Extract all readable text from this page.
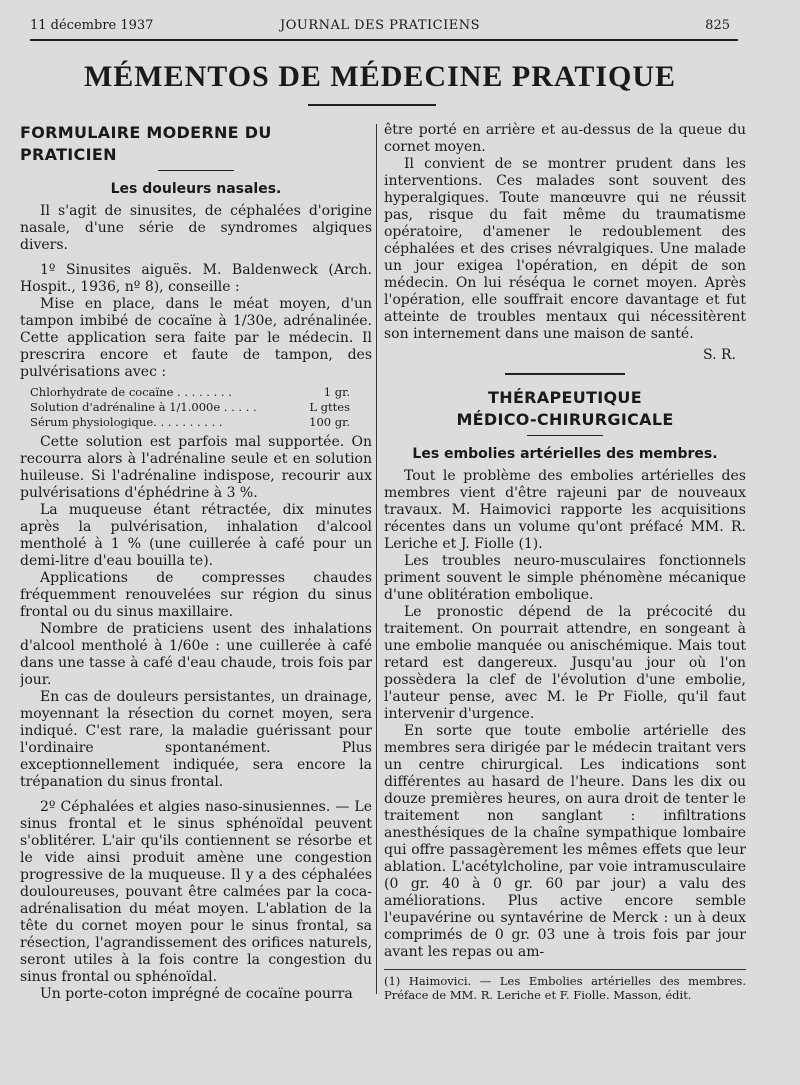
11 décembre 1937	JOURNAL DES PRATICIENS	825
MÉMENTOS DE MÉDECINE PRATIQUE
FORMULAIRE MODERNE DU PRATICIEN
Les douleurs nasales.

Il s'agit de sinusites, de céphalées d'origine nasale, d'une série de syndromes algiques divers.

1º Sinusites aiguës. M. Baldenweck (Arch. Hospit., 1936, nº 8), conseille :

Mise en place, dans le méat moyen, d'un tampon imbibé de cocaïne à 1/30e, adrénalinée. Cette application sera faite par le médecin. Il prescrira encore et faute de tampon, des pulvérisations avec :

Chlorhydrate de cocaïne . . . . . . . .	1 gr.
Solution d'adrénaline à 1/1.000e . . . . .	L gttes
Sérum physiologique. . . . . . . . . .	100 gr.

Cette solution est parfois mal supportée. On recourra alors à l'adrénaline seule et en solution huileuse. Si l'adrénaline indispose, recourir aux pulvérisations d'éphédrine à 3 %.

La muqueuse étant rétractée, dix minutes après la pulvérisation, inhalation d'alcool mentholé à 1 % (une cuillerée à café pour un demi-litre d'eau bouilla te).

Applications de compresses chaudes fréquemment renouvelées sur région du sinus frontal ou du sinus maxillaire.

Nombre de praticiens usent des inhalations d'alcool mentholé à 1/60e : une cuillerée à café dans une tasse à café d'eau chaude, trois fois par jour.

En cas de douleurs persistantes, un drainage, moyennant la résection du cornet moyen, sera indiqué. C'est rare, la maladie guérissant pour l'ordinaire spontanément. Plus exceptionnellement indiquée, sera encore la trépanation du sinus frontal.

2º Céphalées et algies naso-sinusiennes. — Le sinus frontal et le sinus sphénoïdal peuvent s'oblitérer. L'air qu'ils contiennent se résorbe et le vide ainsi produit amène une congestion progressive de la muqueuse. Il y a des céphalées douloureuses, pouvant être calmées par la coca-adrénalisation du méat moyen. L'ablation de la tête du cornet moyen pour le sinus frontal, sa résection, l'agrandissement des orifices naturels, seront utiles à la fois contre la congestion du sinus frontal ou sphénoïdal.

Un porte-coton imprégné de cocaïne pourra

être porté en arrière et au-dessus de la queue du cornet moyen.

Il convient de se montrer prudent dans les interventions. Ces malades sont souvent des hyperalgiques. Toute manœuvre qui ne réussit pas, risque du fait même du traumatisme opératoire, d'amener le redoublement des céphalées et des crises névralgiques. Une malade un jour exigea l'opération, en dépit de son médecin. On lui réséqua le cornet moyen. Après l'opération, elle souffrait encore davantage et fut atteinte de troubles mentaux qui nécessitèrent son internement dans une maison de santé.

S. R.
THÉRAPEUTIQUE
MÉDICO-CHIRURGICALE
Les embolies artérielles des membres.

Tout le problème des embolies artérielles des membres vient d'être rajeuni par de nouveaux travaux. M. Haimovici rapporte les acquisitions récentes dans un volume qu'ont préfacé MM. R. Leriche et J. Fiolle (1).

Les troubles neuro-musculaires fonctionnels priment souvent le simple phénomène mécanique d'une oblitération embolique.

Le pronostic dépend de la précocité du traitement. On pourrait attendre, en songeant à une embolie manquée ou anischémique. Mais tout retard est dangereux. Jusqu'au jour où l'on possèdera la clef de l'évolution d'une embolie, l'auteur pense, avec M. le Pr Fiolle, qu'il faut intervenir d'urgence.

En sorte que toute embolie artérielle des membres sera dirigée par le médecin traitant vers un centre chirurgical. Les indications sont différentes au hasard de l'heure. Dans les dix ou douze premières heures, on aura droit de tenter le traitement non sanglant : infiltrations anesthésiques de la chaîne sympathique lombaire qui offre passagèrement les mêmes effets que leur ablation. L'acétylcholine, par voie intramusculaire (0 gr. 40 à 0 gr. 60 par jour) a valu des améliorations. Plus active encore semble l'eupavérine ou syntavérine de Merck : un à deux comprimés de 0 gr. 03 une à trois fois par jour avant les repas ou am-

(1) Haimovici. — Les Embolies artérielles des membres. Préface de MM. R. Leriche et F. Fiolle. Masson, édit.
